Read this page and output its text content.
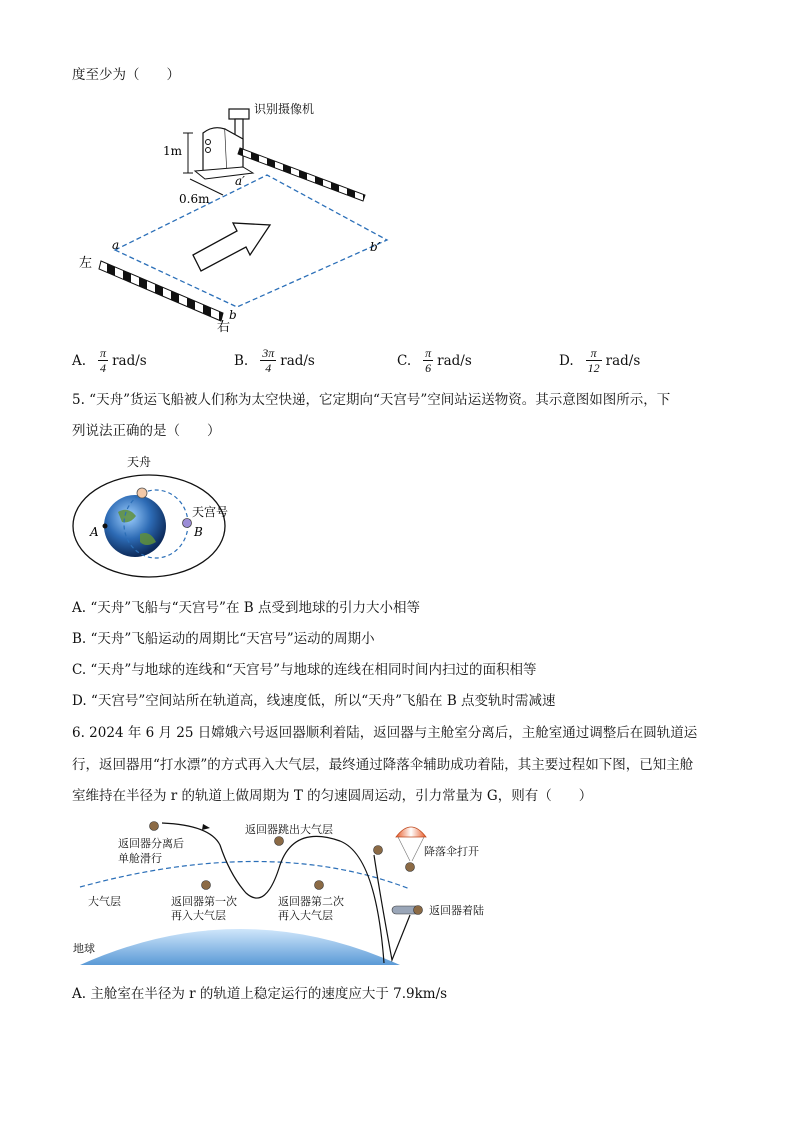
度至少为（　　）
1m
0.6m
a′
a
b
b′
左
右
识别摄像机
A. $\frac{\pi}{4} rad/s$	B. $\frac{3\pi}{4} rad/s$	C. $\frac{\pi}{6} rad/s$	D. $\frac{\pi}{12} rad/s$
5. “天舟”货运飞船被人们称为太空快递，它定期向“天宫号”空间站运送物资。其示意图如图所示，下
列说法正确的是（　　）
天舟
天宫号
A	B
A. “天舟”飞船与“天宫号”在 B 点受到地球的引力大小相等
B. “天舟”飞船运动的周期比“天宫号”运动的周期小
C. “天舟”与地球的连线和“天宫号”与地球的连线在相同时间内扫过的面积相等
D. “天宫号”空间站所在轨道高，线速度低，所以“天舟”飞船在 B 点变轨时需减速
6. 2024 年 6 月 25 日嫦娥六号返回器顺利着陆，返回器与主舱室分离后，主舱室通过调整后在圆轨道运
行，返回器用“打水漂”的方式再入大气层，最终通过降落伞辅助成功着陆，其主要过程如下图，已知主舱
室维持在半径为 r 的轨道上做周期为 T 的匀速圆周运动，引力常量为 G，则有（　　）
返回器分离后
单舱滑行
返回器跳出大气层
降落伞打开
大气层	返回器第一次
再入大气层
返回器第二次
再入大气层	返回器着陆
地球
A. 主舱室在半径为 r 的轨道上稳定运行的速度应大于 7.9km/s
